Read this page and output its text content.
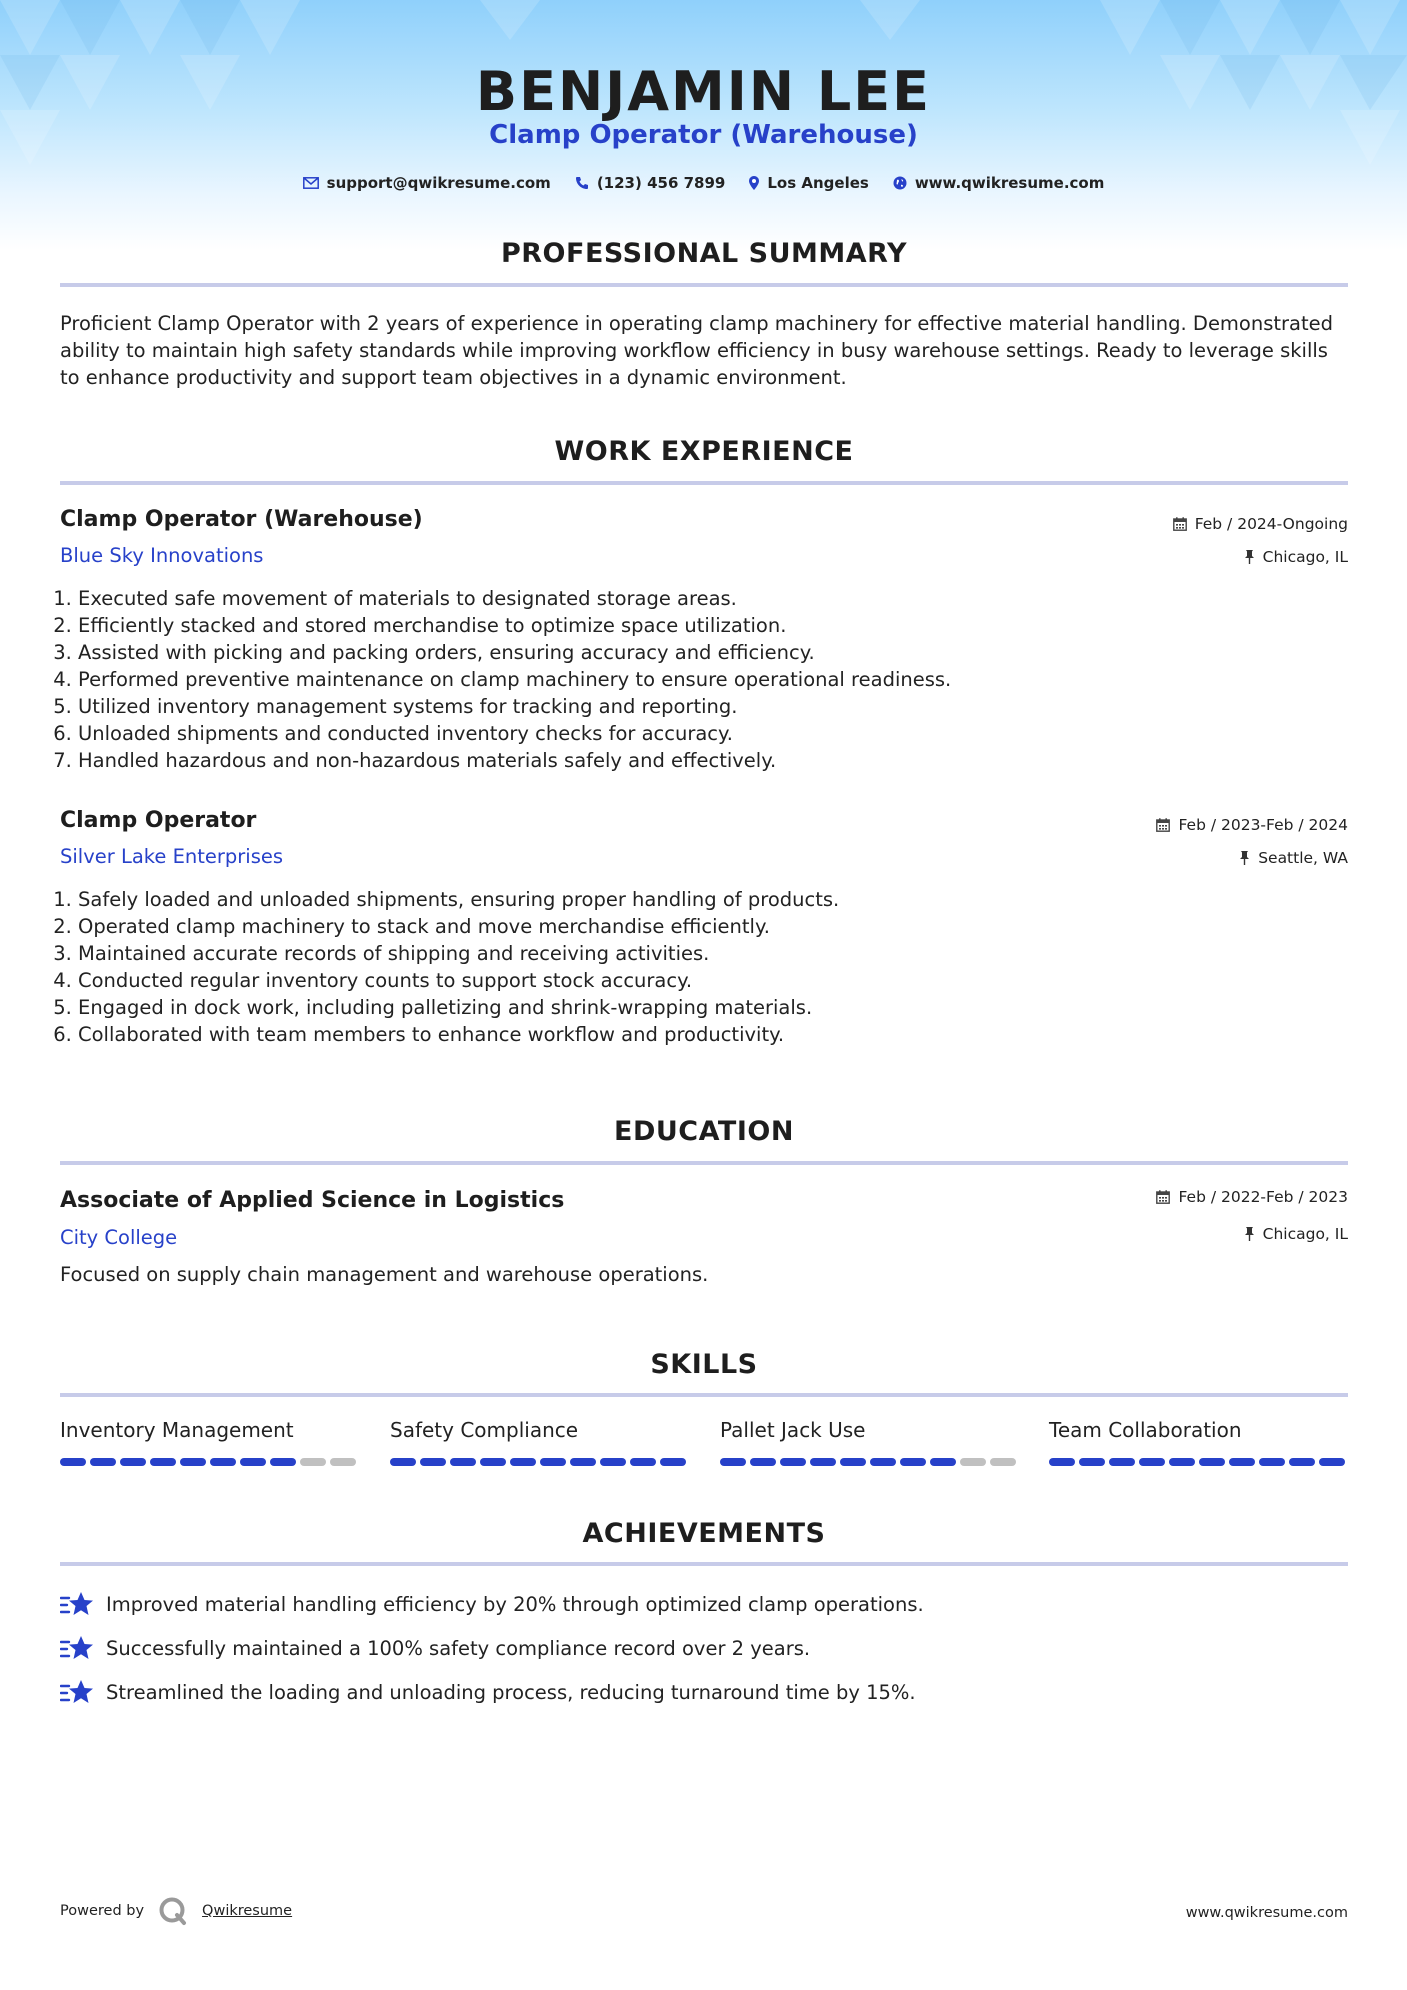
BENJAMIN LEE
Clamp Operator (Warehouse)
support@qwikresume.com	(123) 456 7899	Los Angeles	www.qwikresume.com
PROFESSIONAL SUMMARY
Proficient Clamp Operator with 2 years of experience in operating clamp machinery for effective material handling. Demonstrated ability to maintain high safety standards while improving workflow efficiency in busy warehouse settings. Ready to leverage skills to enhance productivity and support team objectives in a dynamic environment.
WORK EXPERIENCE
Clamp Operator (Warehouse)
Blue Sky Innovations
Feb / 2024-Ongoing
Chicago, IL
1. Executed safe movement of materials to designated storage areas.
2. Efficiently stacked and stored merchandise to optimize space utilization.
3. Assisted with picking and packing orders, ensuring accuracy and efficiency.
4. Performed preventive maintenance on clamp machinery to ensure operational readiness.
5. Utilized inventory management systems for tracking and reporting.
6. Unloaded shipments and conducted inventory checks for accuracy.
7. Handled hazardous and non-hazardous materials safely and effectively.
Clamp Operator
Silver Lake Enterprises
Feb / 2023-Feb / 2024
Seattle, WA
1. Safely loaded and unloaded shipments, ensuring proper handling of products.
2. Operated clamp machinery to stack and move merchandise efficiently.
3. Maintained accurate records of shipping and receiving activities.
4. Conducted regular inventory counts to support stock accuracy.
5. Engaged in dock work, including palletizing and shrink-wrapping materials.
6. Collaborated with team members to enhance workflow and productivity.
EDUCATION
Associate of Applied Science in Logistics
City College
Feb / 2022-Feb / 2023
Chicago, IL
Focused on supply chain management and warehouse operations.
SKILLS
Inventory Management	Safety Compliance	Pallet Jack Use	Team Collaboration
ACHIEVEMENTS
Improved material handling efficiency by 20% through optimized clamp operations.
Successfully maintained a 100% safety compliance record over 2 years.
Streamlined the loading and unloading process, reducing turnaround time by 15%.
Powered by	Qwikresume	www.qwikresume.com
